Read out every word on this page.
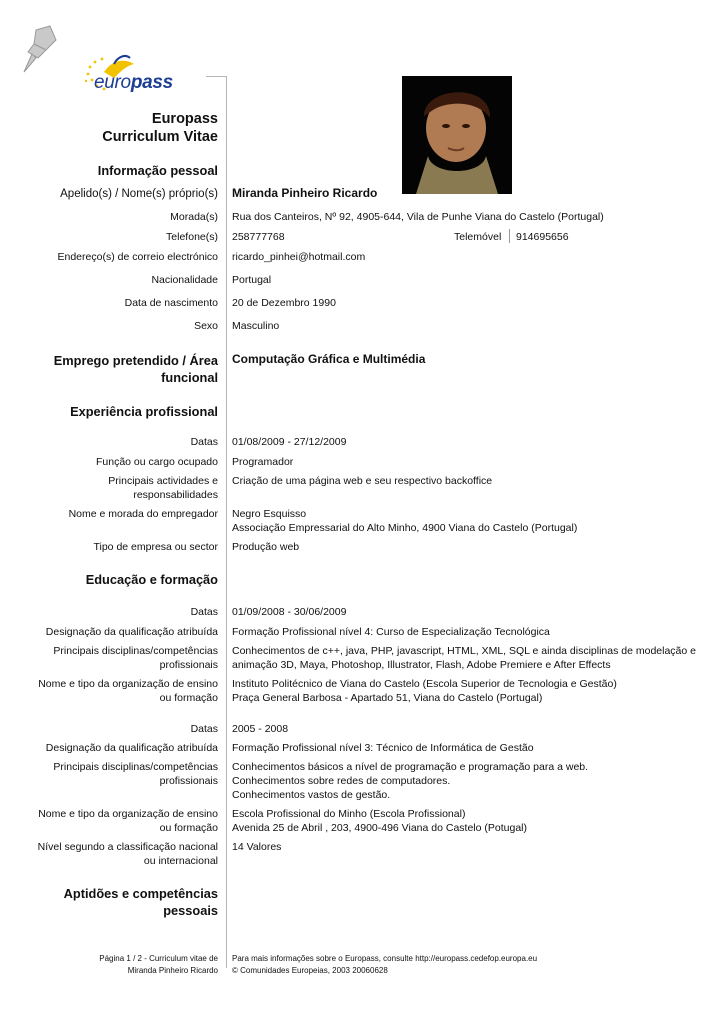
europass
Europass
Curriculum Vitae
Informação pessoal
Apelido(s) / Nome(s) próprio(s) Miranda Pinheiro Ricardo
Morada(s) Rua dos Canteiros, Nº 92, 4905-644, Vila de Punhe Viana do Castelo (Portugal)
Telefone(s) 258777768	Telemóvel 914695656
Endereço(s) de correio electrónico ricardo_pinhei@hotmail.com
Nacionalidade Portugal
Data de nascimento 20 de Dezembro 1990
Sexo Masculino
Emprego pretendido / Área
funcional
Computação Gráfica e Multimédia
Experiência profissional
Datas 01/08/2009 - 27/12/2009
Função ou cargo ocupado Programador
Principais actividades e
responsabilidades
Criação de uma página web e seu respectivo backoffice
Nome e morada do empregador Negro Esquisso
Associação Empressarial do Alto Minho, 4900 Viana do Castelo (Portugal)
Tipo de empresa ou sector Produção web
Educação e formação
Datas 01/09/2008 - 30/06/2009
Designação da qualificação atribuída Formação Profissional nível 4: Curso de Especialização Tecnológica
Principais disciplinas/competências
profissionais
Conhecimentos de c++, java, PHP, javascript, HTML, XML, SQL e ainda disciplinas de modelação e
animação 3D, Maya, Photoshop, Illustrator, Flash, Adobe Premiere e After Effects
Nome e tipo da organização de ensino
ou formação
Instituto Politécnico de Viana do Castelo (Escola Superior de Tecnologia e Gestão)
Praça General Barbosa - Apartado 51, Viana do Castelo (Portugal)
Datas 2005 - 2008
Designação da qualificação atribuída Formação Profissional nível 3: Técnico de Informática de Gestão
Principais disciplinas/competências
profissionais
Conhecimentos básicos a nível de programação e programação para a web.
Conhecimentos sobre redes de computadores.
Conhecimentos vastos de gestão.
Nome e tipo da organização de ensino
ou formação
Escola Profissional do Minho (Escola Profissional)
Avenida 25 de Abril , 203, 4900-496 Viana do Castelo (Potugal)
Nível segundo a classificação nacional
ou internacional
14 Valores
Aptidões e competências
pessoais
Página 1 / 2 - Curriculum vitae de
Miranda Pinheiro Ricardo
Para mais informações sobre o Europass, consulte http://europass.cedefop.europa.eu
© Comunidades Europeias, 2003 20060628
